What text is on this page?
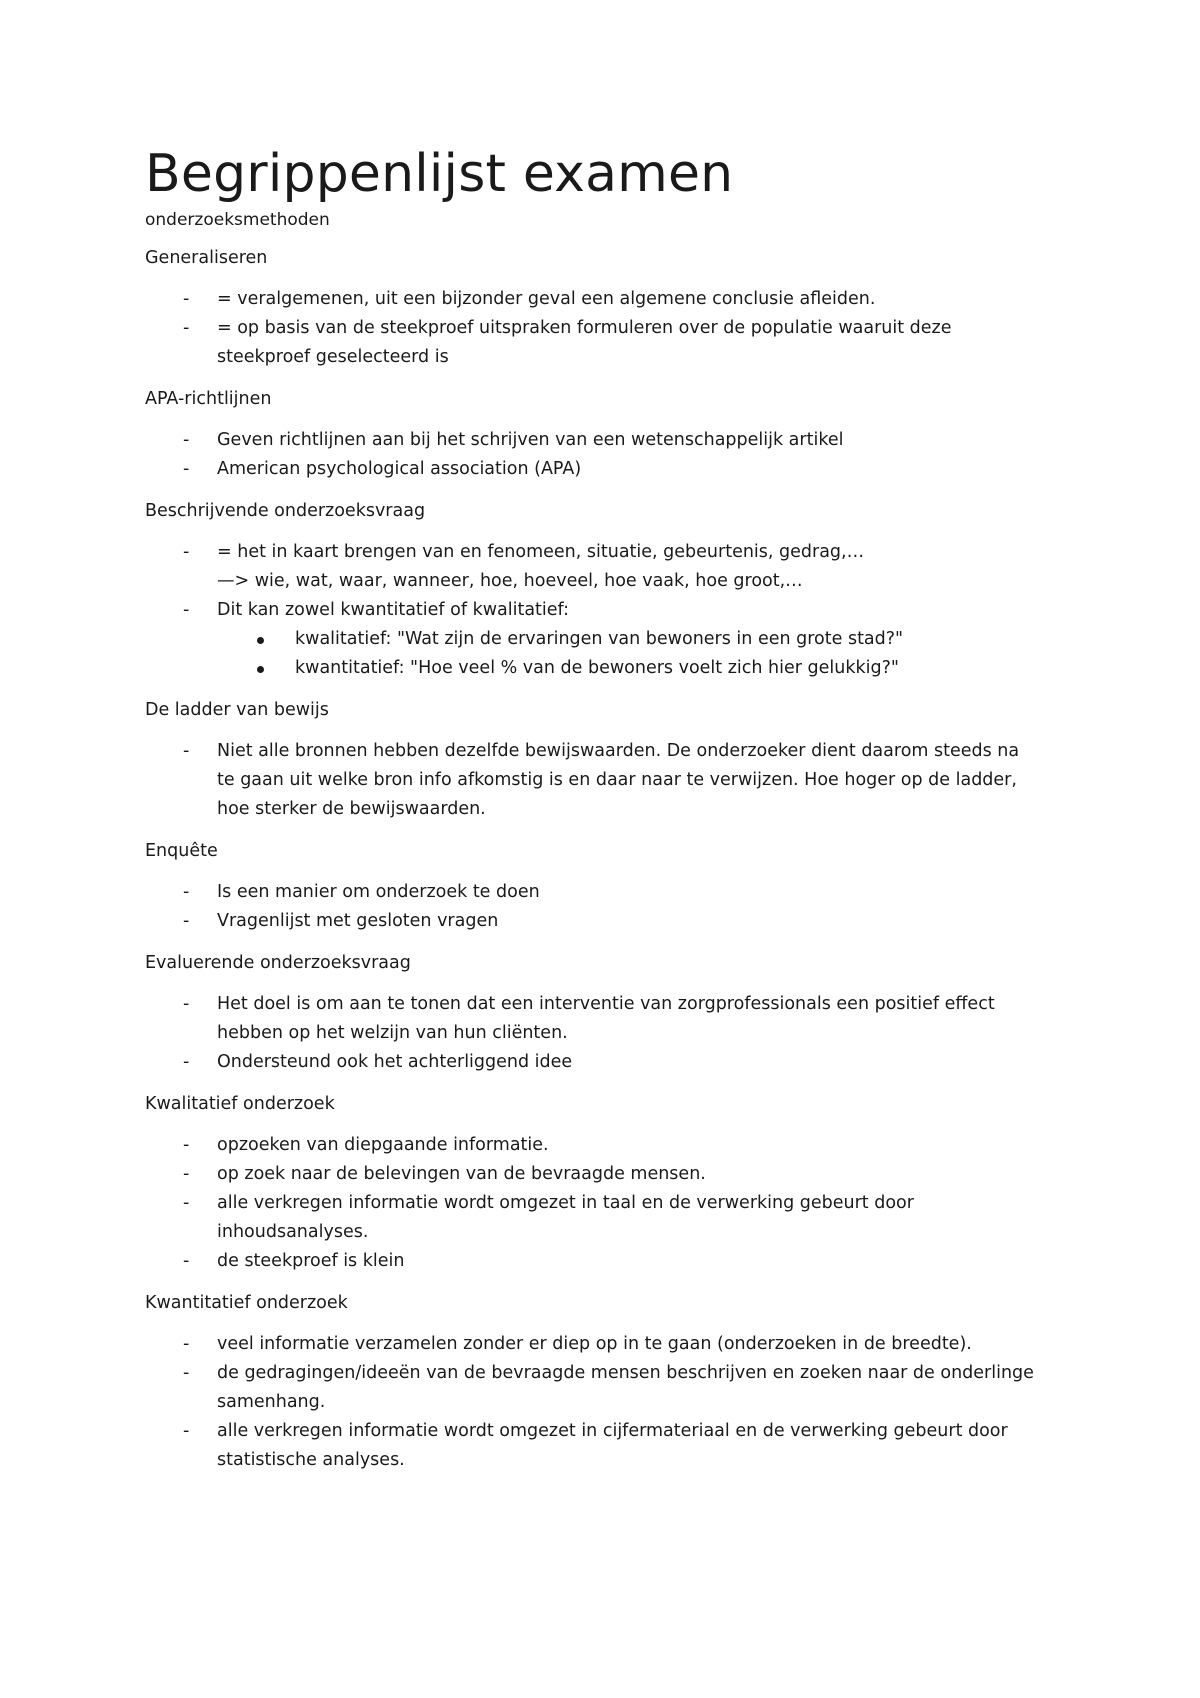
Begrippenlijst examen

onderzoeksmethoden

Generaliseren

- = veralgemenen, uit een bijzonder geval een algemene conclusie afleiden.
- = op basis van de steekproef uitspraken formuleren over de populatie waaruit deze
steekproef geselecteerd is

APA-richtlijnen

- Geven richtlijnen aan bij het schrijven van een wetenschappelijk artikel
- American psychological association (APA)

Beschrijvende onderzoeksvraag

- = het in kaart brengen van en fenomeen, situatie, gebeurtenis, gedrag,…
—> wie, wat, waar, wanneer, hoe, hoeveel, hoe vaak, hoe groot,…
- Dit kan zowel kwantitatief of kwalitatief:
kwalitatief: "Wat zijn de ervaringen van bewoners in een grote stad?"
kwantitatief: "Hoe veel % van de bewoners voelt zich hier gelukkig?"

De ladder van bewijs

- Niet alle bronnen hebben dezelfde bewijswaarden. De onderzoeker dient daarom steeds na
te gaan uit welke bron info afkomstig is en daar naar te verwijzen. Hoe hoger op de ladder,
hoe sterker de bewijswaarden.

Enquête

- Is een manier om onderzoek te doen
- Vragenlijst met gesloten vragen

Evaluerende onderzoeksvraag

- Het doel is om aan te tonen dat een interventie van zorgprofessionals een positief effect
hebben op het welzijn van hun cliënten.
- Ondersteund ook het achterliggend idee

Kwalitatief onderzoek

- opzoeken van diepgaande informatie.
- op zoek naar de belevingen van de bevraagde mensen.
- alle verkregen informatie wordt omgezet in taal en de verwerking gebeurt door
inhoudsanalyses.
- de steekproef is klein

Kwantitatief onderzoek

- veel informatie verzamelen zonder er diep op in te gaan (onderzoeken in de breedte).
- de gedragingen/ideeën van de bevraagde mensen beschrijven en zoeken naar de onderlinge
samenhang.
- alle verkregen informatie wordt omgezet in cijfermateriaal en de verwerking gebeurt door
statistische analyses.
